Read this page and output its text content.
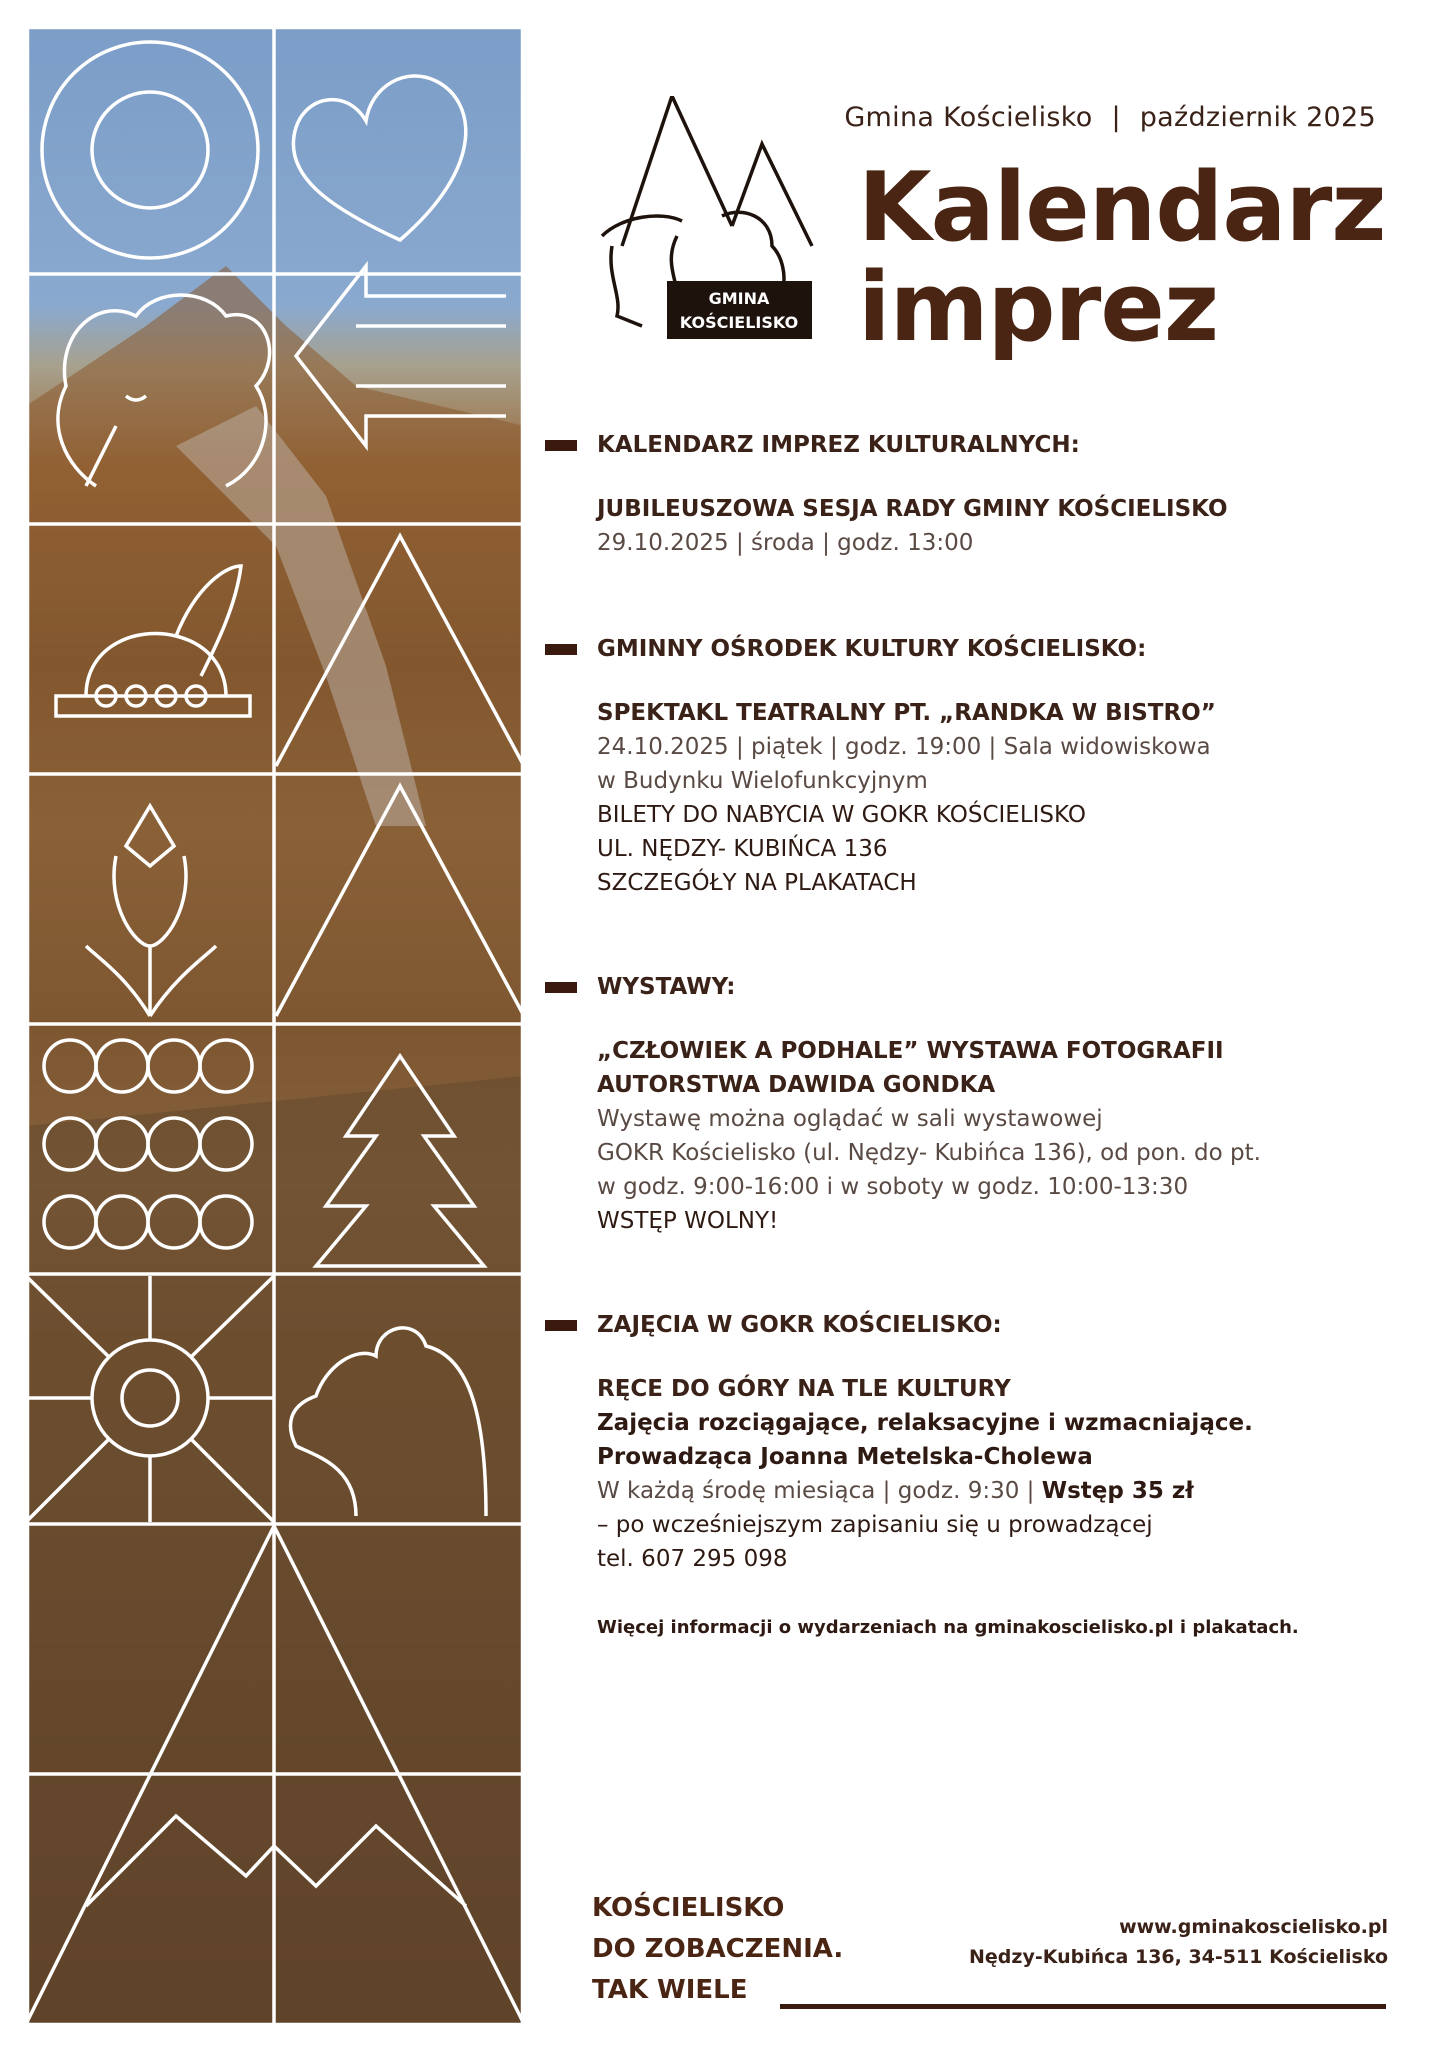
GMINA
KOŚCIELISKO
Gmina Kościelisko | październik 2025
Kalendarz
imprez
KALENDARZ IMPREZ KULTURALNYCH:
JUBILEUSZOWA SESJA RADY GMINY KOŚCIELISKO
29.10.2025 | środa | godz. 13:00
GMINNY OŚRODEK KULTURY KOŚCIELISKO:
SPEKTAKL TEATRALNY PT. „RANDKA W BISTRO”
24.10.2025 | piątek | godz. 19:00 | Sala widowiskowa
w Budynku Wielofunkcyjnym
BILETY DO NABYCIA W GOKR KOŚCIELISKO
UL. NĘDZY- KUBIŃCA 136
SZCZEGÓŁY NA PLAKATACH
WYSTAWY:
„CZŁOWIEK A PODHALE” WYSTAWA FOTOGRAFII
AUTORSTWA DAWIDA GONDKA
Wystawę można oglądać w sali wystawowej
GOKR Kościelisko (ul. Nędzy- Kubińca 136), od pon. do pt.
w godz. 9:00-16:00 i w soboty w godz. 10:00-13:30
WSTĘP WOLNY!
ZAJĘCIA W GOKR KOŚCIELISKO:
RĘCE DO GÓRY NA TLE KULTURY
Zajęcia rozciągające, relaksacyjne i wzmacniające.
Prowadząca Joanna Metelska-Cholewa
W każdą środę miesiąca | godz. 9:30 | Wstęp 35 zł
– po wcześniejszym zapisaniu się u prowadzącej
tel. 607 295 098
Więcej informacji o wydarzeniach na gminakoscielisko.pl i plakatach.
KOŚCIELISKO
DO ZOBACZENIA.
TAK WIELE
www.gminakoscielisko.pl
Nędzy-Kubińca 136, 34-511 Kościelisko
